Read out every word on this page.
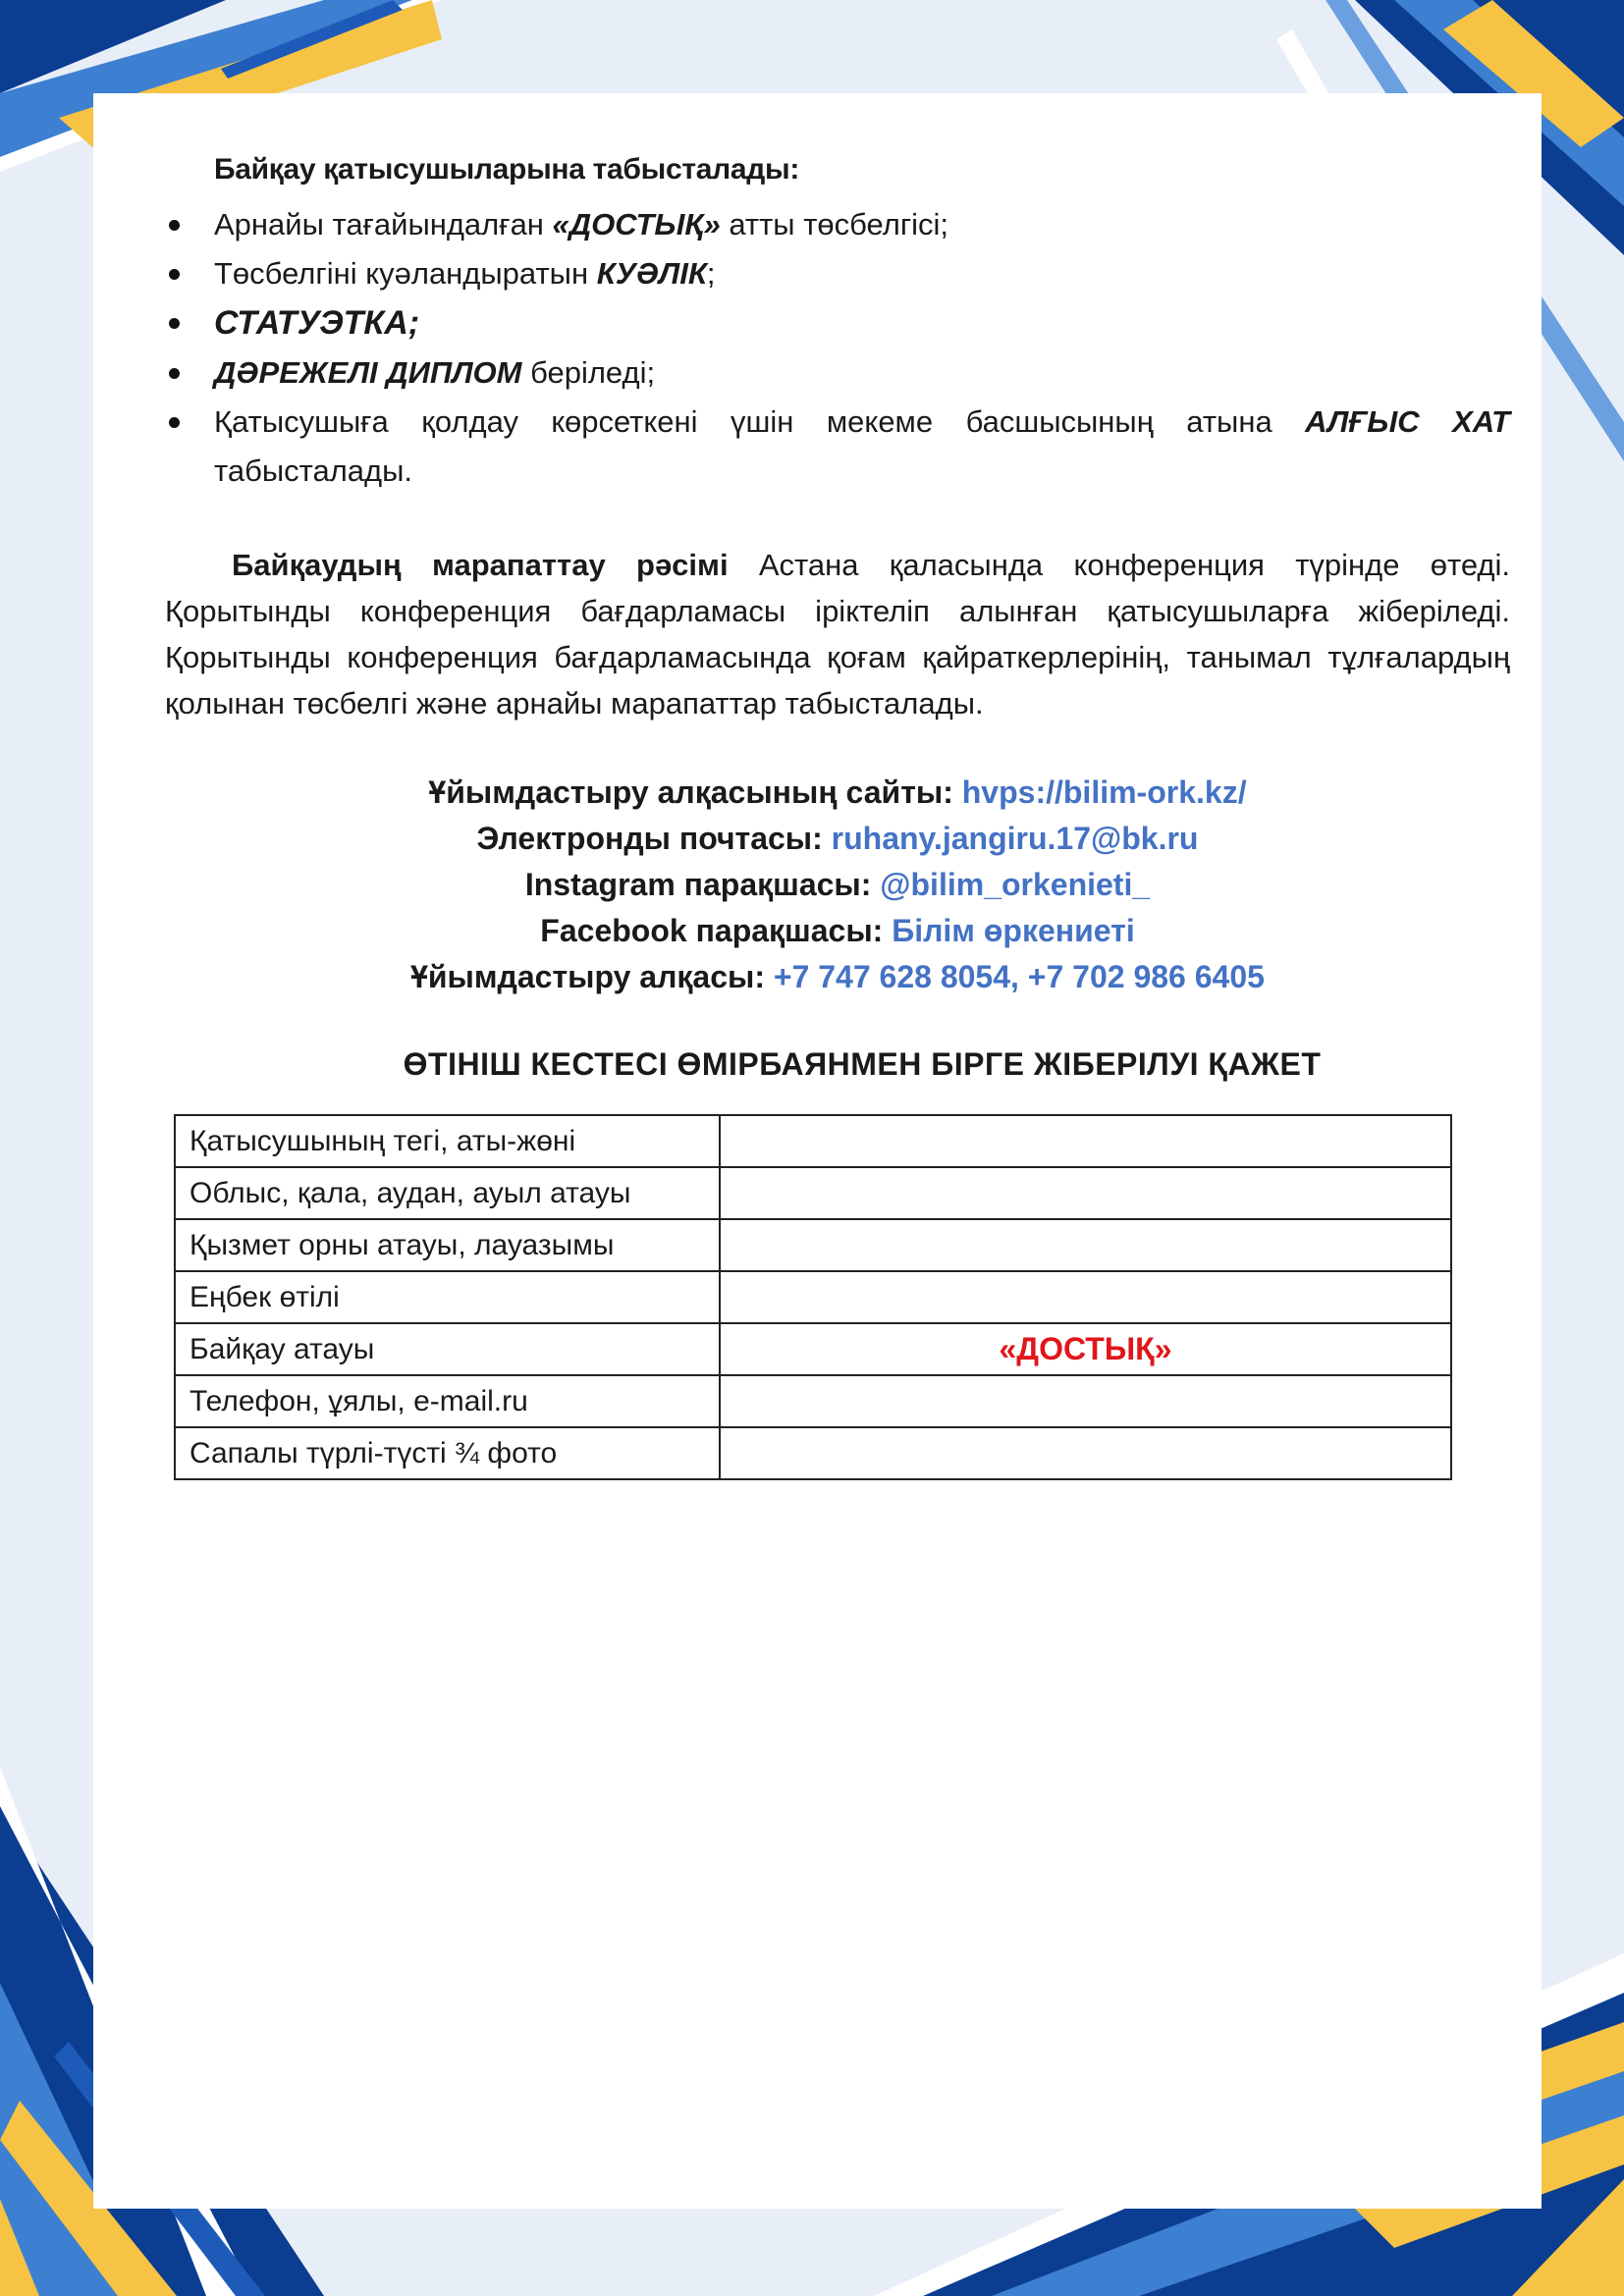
Байқау қатысушыларына табысталады:
Арнайы тағайындалған «ДОСТЫҚ» атты төсбелгісі;
Төсбелгіні куәландыратын КУӘЛІК;
СТАТУЭТКА;
ДӘРЕЖЕЛІ ДИПЛОМ беріледі;
Қатысушыға қолдау көрсеткені үшін мекеме басшысының атына АЛҒЫС ХАТ табысталады.
Байқаудың марапаттау рәсімі Астана қаласында конференция түрінде өтеді. Қорытынды конференция бағдарламасы іріктеліп алынған қатысушыларға жіберіледі. Қорытынды конференция бағдарламасында қоғам қайраткерлерінің, танымал тұлғалардың қолынан төсбелгі және арнайы марапаттар табысталады.
Ұйымдастыру алқасының сайты: hvps://bilim-ork.kz/
Электронды почтасы: ruhany.jangiru.17@bk.ru
Instagram парақшасы: @bilim_orkenieti_
Facebook парақшасы: Білім өркениеті
Ұйымдастыру алқасы: +7 747 628 8054, +7 702 986 6405
ӨТІНІШ КЕСТЕСІ ӨМІРБАЯНМЕН БІРГЕ ЖІБЕРІЛУІ ҚАЖЕТ
Қатысушының тегі, аты-жөні	
Облыс, қала, аудан, ауыл атауы	
Қызмет орны атауы, лауазымы	
Еңбек өтілі	
Байқау атауы	«ДОСТЫҚ»
Телефон, ұялы, e-mail.ru	
Сапалы түрлі-түсті ¾ фото	
